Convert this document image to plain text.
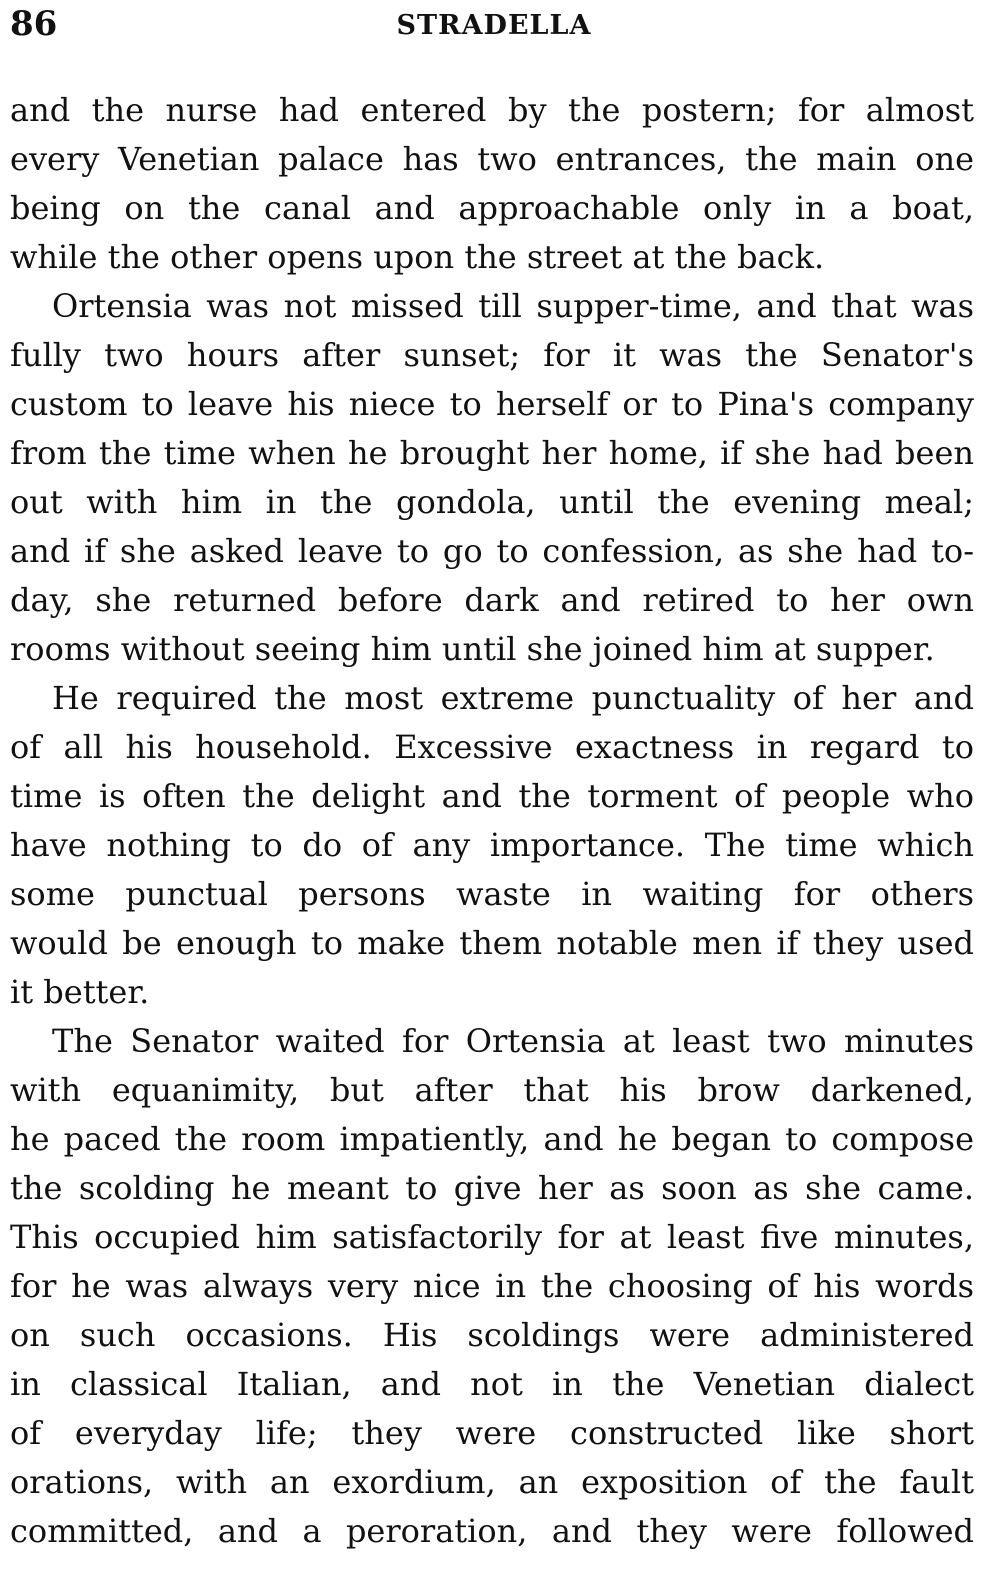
86	STRADELLA
and the nurse had entered by the postern; for almost
every Venetian palace has two entrances, the main one
being on the canal and approachable only in a boat,
while the other opens upon the street at the back.
Ortensia was not missed till supper-time, and that was
fully two hours after sunset; for it was the Senator's
custom to leave his niece to herself or to Pina's company
from the time when he brought her home, if she had been
out with him in the gondola, until the evening meal;
and if she asked leave to go to confession, as she had to-
day, she returned before dark and retired to her own
rooms without seeing him until she joined him at supper.
He required the most extreme punctuality of her and
of all his household. Excessive exactness in regard to
time is often the delight and the torment of people who
have nothing to do of any importance. The time which
some punctual persons waste in waiting for others
would be enough to make them notable men if they used
it better.
The Senator waited for Ortensia at least two minutes
with equanimity, but after that his brow darkened,
he paced the room impatiently, and he began to compose
the scolding he meant to give her as soon as she came.
This occupied him satisfactorily for at least five minutes,
for he was always very nice in the choosing of his words
on such occasions. His scoldings were administered
in classical Italian, and not in the Venetian dialect
of everyday life; they were constructed like short
orations, with an exordium, an exposition of the fault
committed, and a peroration, and they were followed
